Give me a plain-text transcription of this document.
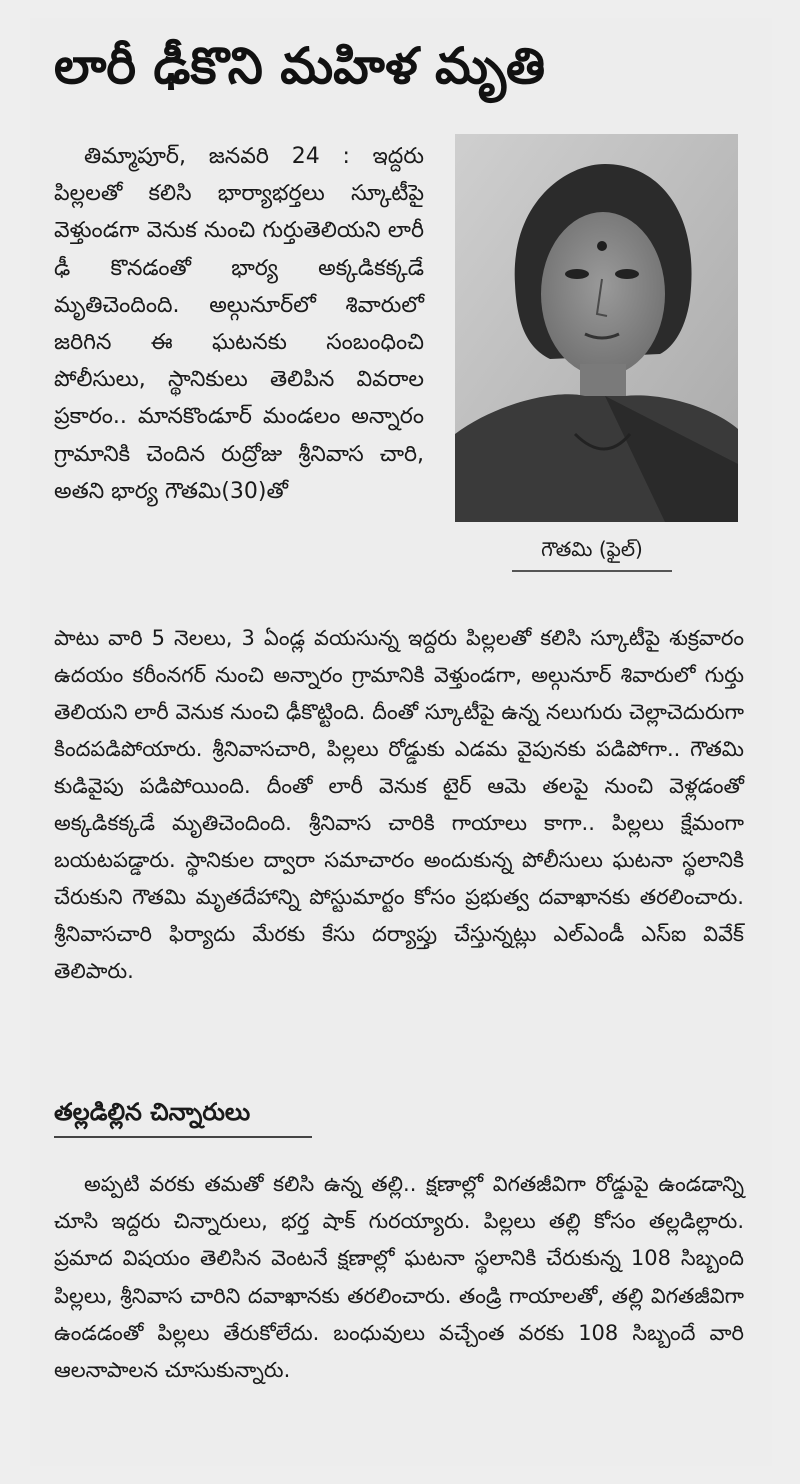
లారీ ఢీకొని మహిళ మృతి

తిమ్మాపూర్, జనవరి 24 : ఇద్దరు పిల్లలతో కలిసి భార్యాభర్తలు స్కూటీపై వెళ్తుండగా వెనుక నుంచి గుర్తుతెలియని లారీ ఢీ కొనడంతో భార్య అక్కడికక్కడే మృతిచెందింది. అల్గునూర్‌లో శివారులో జరిగిన ఈ ఘటనకు సంబంధించి పోలీసులు, స్థానికులు తెలిపిన వివరాల ప్రకారం.. మానకొండూర్ మండలం అన్నారం గ్రామానికి చెందిన రుద్రోజు శ్రీనివాస చారి, అతని భార్య గౌతమి(30)తో

గౌతమి (ఫైల్)

పాటు వారి 5 నెలలు, 3 ఏండ్ల వయసున్న ఇద్దరు పిల్లలతో కలిసి స్కూటీపై శుక్రవారం ఉదయం కరీంనగర్ నుంచి అన్నారం గ్రామానికి వెళ్తుండగా, అల్గునూర్ శివారులో గుర్తు తెలియని లారీ వెనుక నుంచి ఢీకొట్టింది. దీంతో స్కూటీపై ఉన్న నలుగురు చెల్లాచెదురుగా కిందపడిపోయారు. శ్రీనివాసచారి, పిల్లలు రోడ్డుకు ఎడమ వైపునకు పడిపోగా.. గౌతమి కుడివైపు పడిపోయింది. దీంతో లారీ వెనుక టైర్ ఆమె తలపై నుంచి వెళ్లడంతో అక్కడికక్కడే మృతిచెందింది. శ్రీనివాస చారికి గాయాలు కాగా.. పిల్లలు క్షేమంగా బయటపడ్డారు. స్థానికుల ద్వారా సమాచారం అందుకున్న పోలీసులు ఘటనా స్థలానికి చేరుకుని గౌతమి మృతదేహాన్ని పోస్టుమార్టం కోసం ప్రభుత్వ దవాఖానకు తరలించారు. శ్రీనివాసచారి ఫిర్యాదు మేరకు కేసు దర్యాప్తు చేస్తున్నట్లు ఎల్ఎండీ ఎస్ఐ వివేక్ తెలిపారు.

తల్లడిల్లిన చిన్నారులు

అప్పటి వరకు తమతో కలిసి ఉన్న తల్లి.. క్షణాల్లో విగతజీవిగా రోడ్డుపై ఉండడాన్ని చూసి ఇద్దరు చిన్నారులు, భర్త షాక్ గురయ్యారు. పిల్లలు తల్లి కోసం తల్లడిల్లారు. ప్రమాద విషయం తెలిసిన వెంటనే క్షణాల్లో ఘటనా స్థలానికి చేరుకున్న 108 సిబ్బంది పిల్లలు, శ్రీనివాస చారిని దవాఖానకు తరలించారు. తండ్రి గాయాలతో, తల్లి విగతజీవిగా ఉండడంతో పిల్లలు తేరుకోలేదు. బంధువులు వచ్చేంత వరకు 108 సిబ్బందే వారి ఆలనాపాలన చూసుకున్నారు.
